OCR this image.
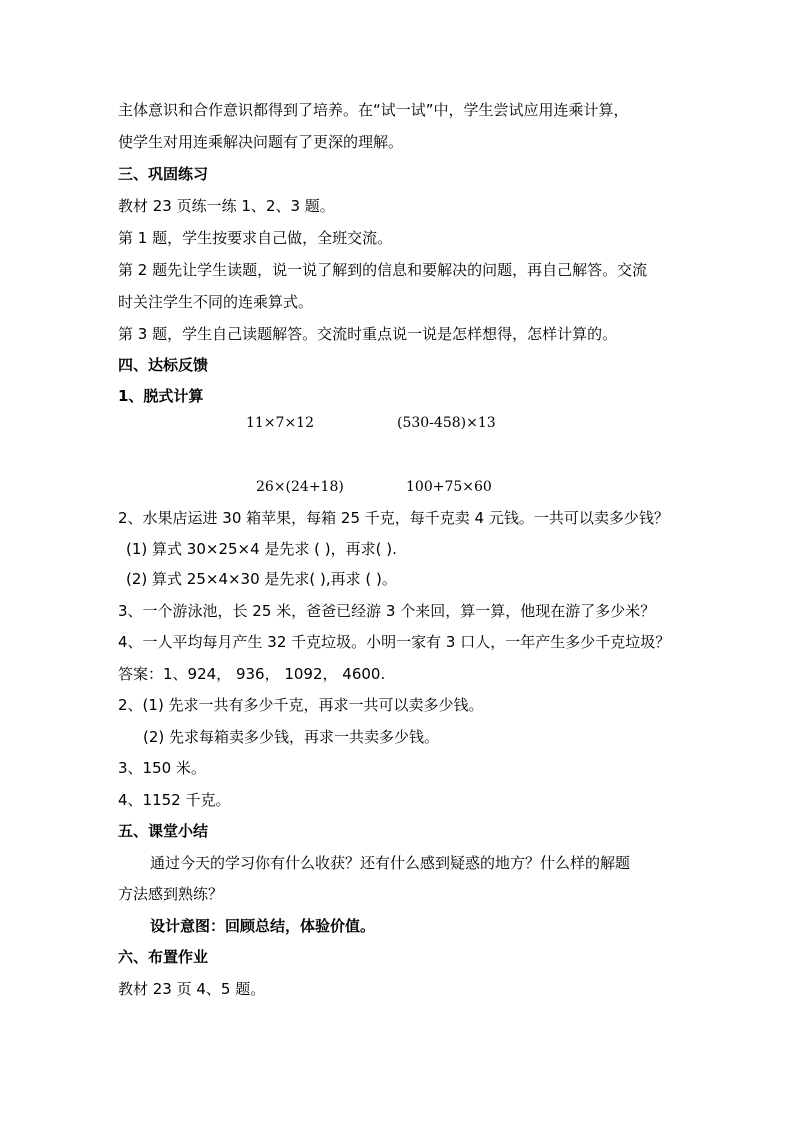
主体意识和合作意识都得到了培养。在“试一试”中，学生尝试应用连乘计算，
使学生对用连乘解决问题有了更深的理解。
三、巩固练习
教材 23 页练一练 1、2、3 题。
第 1 题，学生按要求自己做，全班交流。
第 2 题先让学生读题，说一说了解到的信息和要解决的问题，再自己解答。交流
时关注学生不同的连乘算式。
第 3 题，学生自己读题解答。交流时重点说一说是怎样想得，怎样计算的。
四、达标反馈
1、脱式计算
11×7×12	(530-458)×13
26×(24+18)	100+75×60
2、水果店运进 30 箱苹果，每箱 25 千克，每千克卖 4 元钱。一共可以卖多少钱？
(1) 算式 30×25×4 是先求 ( )，再求( ).
(2) 算式 25×4×30 是先求( ),再求 ( )。
3、一个游泳池，长 25 米，爸爸已经游 3 个来回，算一算，他现在游了多少米？
4、一人平均每月产生 32 千克垃圾。小明一家有 3 口人，一年产生多少千克垃圾？
答案：1、924， 936， 1092， 4600.
2、(1) 先求一共有多少千克，再求一共可以卖多少钱。
(2) 先求每箱卖多少钱，再求一共卖多少钱。
3、150 米。
4、1152 千克。
五、课堂小结
通过今天的学习你有什么收获？还有什么感到疑惑的地方？什么样的解题
方法感到熟练？
设计意图：回顾总结，体验价值。
六、布置作业
教材 23 页 4、5 题。
